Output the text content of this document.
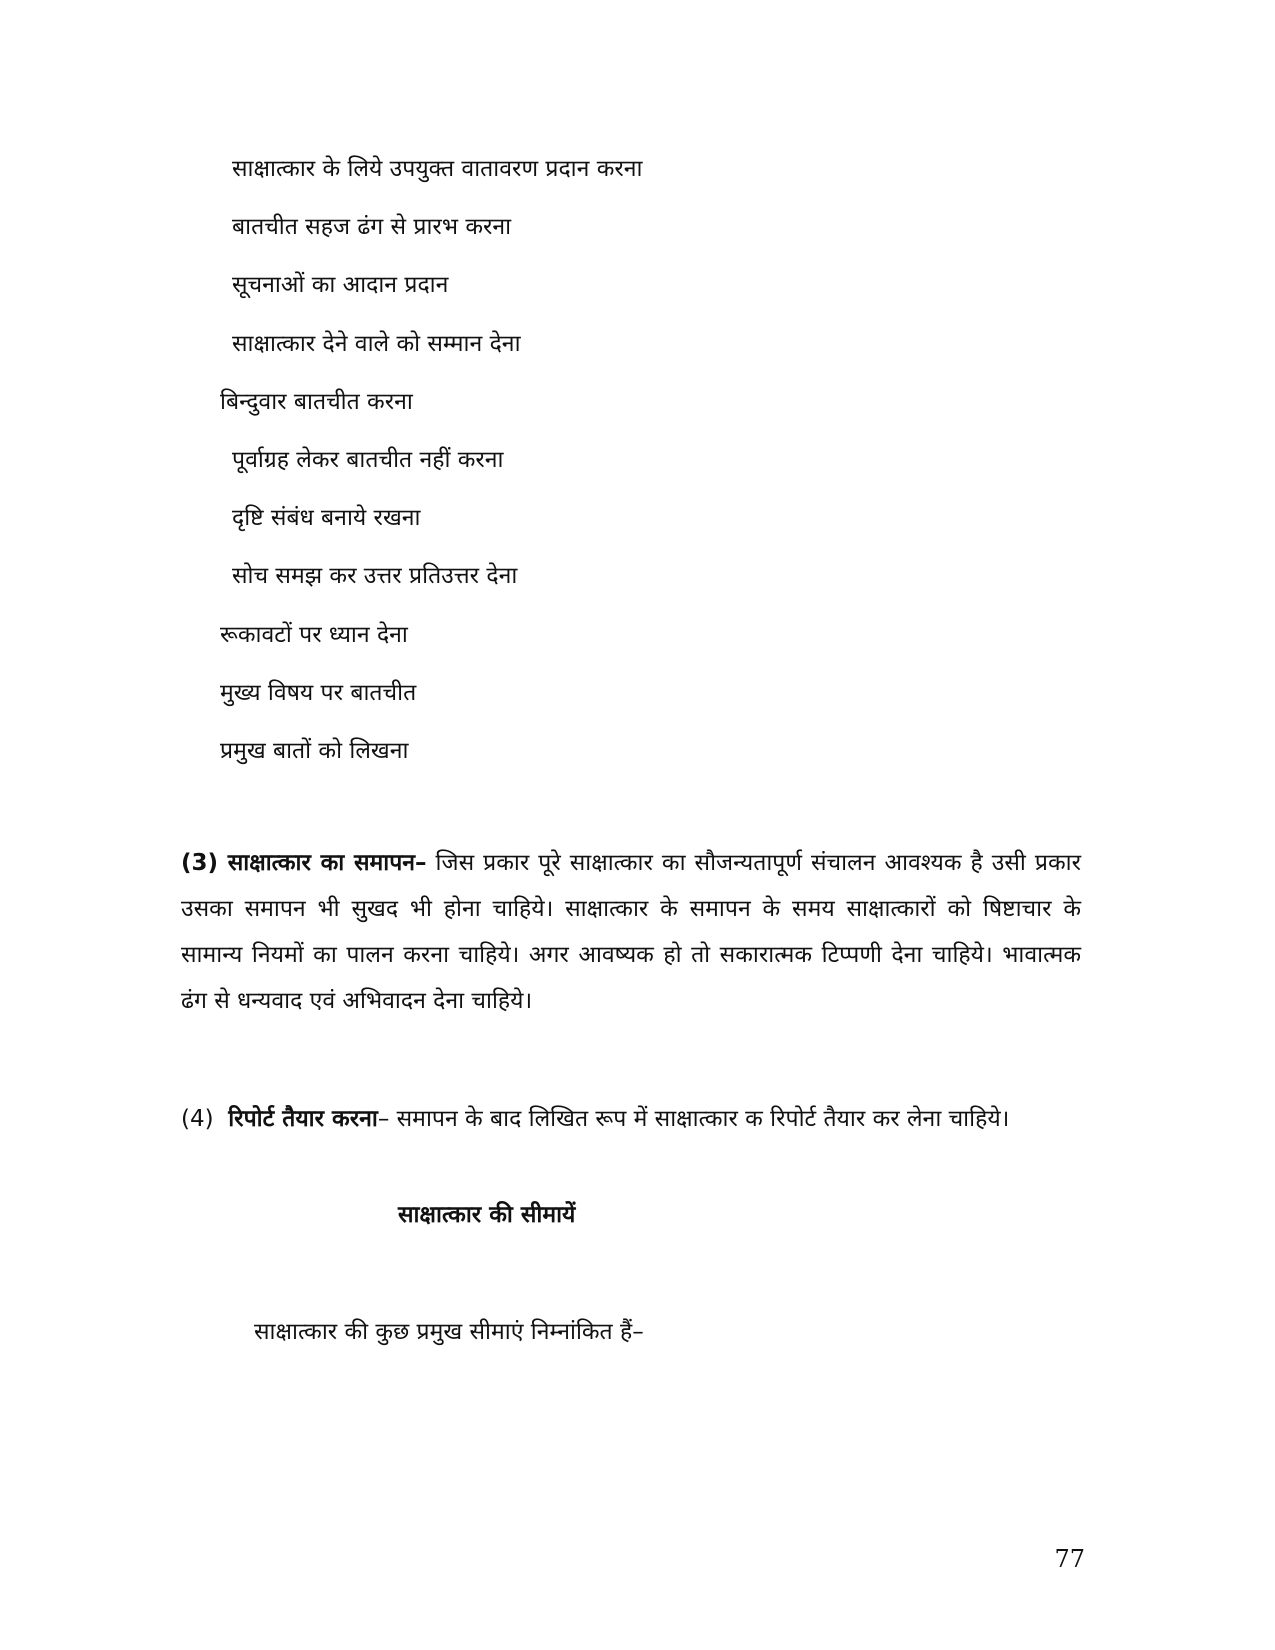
साक्षात्कार के लिये उपयुक्त वातावरण प्रदान करना
बातचीत सहज ढंग से प्रारभ करना
सूचनाओं का आदान प्रदान
साक्षात्कार देने वाले को सम्मान देना
बिन्दुवार बातचीत करना
पूर्वाग्रह लेकर बातचीत नहीं करना
दृष्टि संबंध बनाये रखना
सोच समझ कर उत्तर प्रतिउत्तर देना
रूकावटों पर ध्यान देना
मुख्य विषय पर बातचीत
प्रमुख बातों को लिखना

(3) साक्षात्कार का समापन– जिस प्रकार पूरे साक्षात्कार का सौजन्यतापूर्ण संचालन आवश्यक है उसी प्रकार उसका समापन भी सुखद भी होना चाहिये। साक्षात्कार के समापन के समय साक्षात्कारों को षिष्टाचार के सामान्य नियमों का पालन करना चाहिये। अगर आवष्यक हो तो सकारात्मक टिप्पणी देना चाहिये। भावात्मक ढंग से धन्यवाद एवं अभिवादन देना चाहिये।

(4) रिपोर्ट तैयार करना– समापन के बाद लिखित रूप में साक्षात्कार क रिपोर्ट तैयार कर लेना चाहिये।

साक्षात्कार की सीमायें

साक्षात्कार की कुछ प्रमुख सीमाएं निम्नांकित हैं–

77
